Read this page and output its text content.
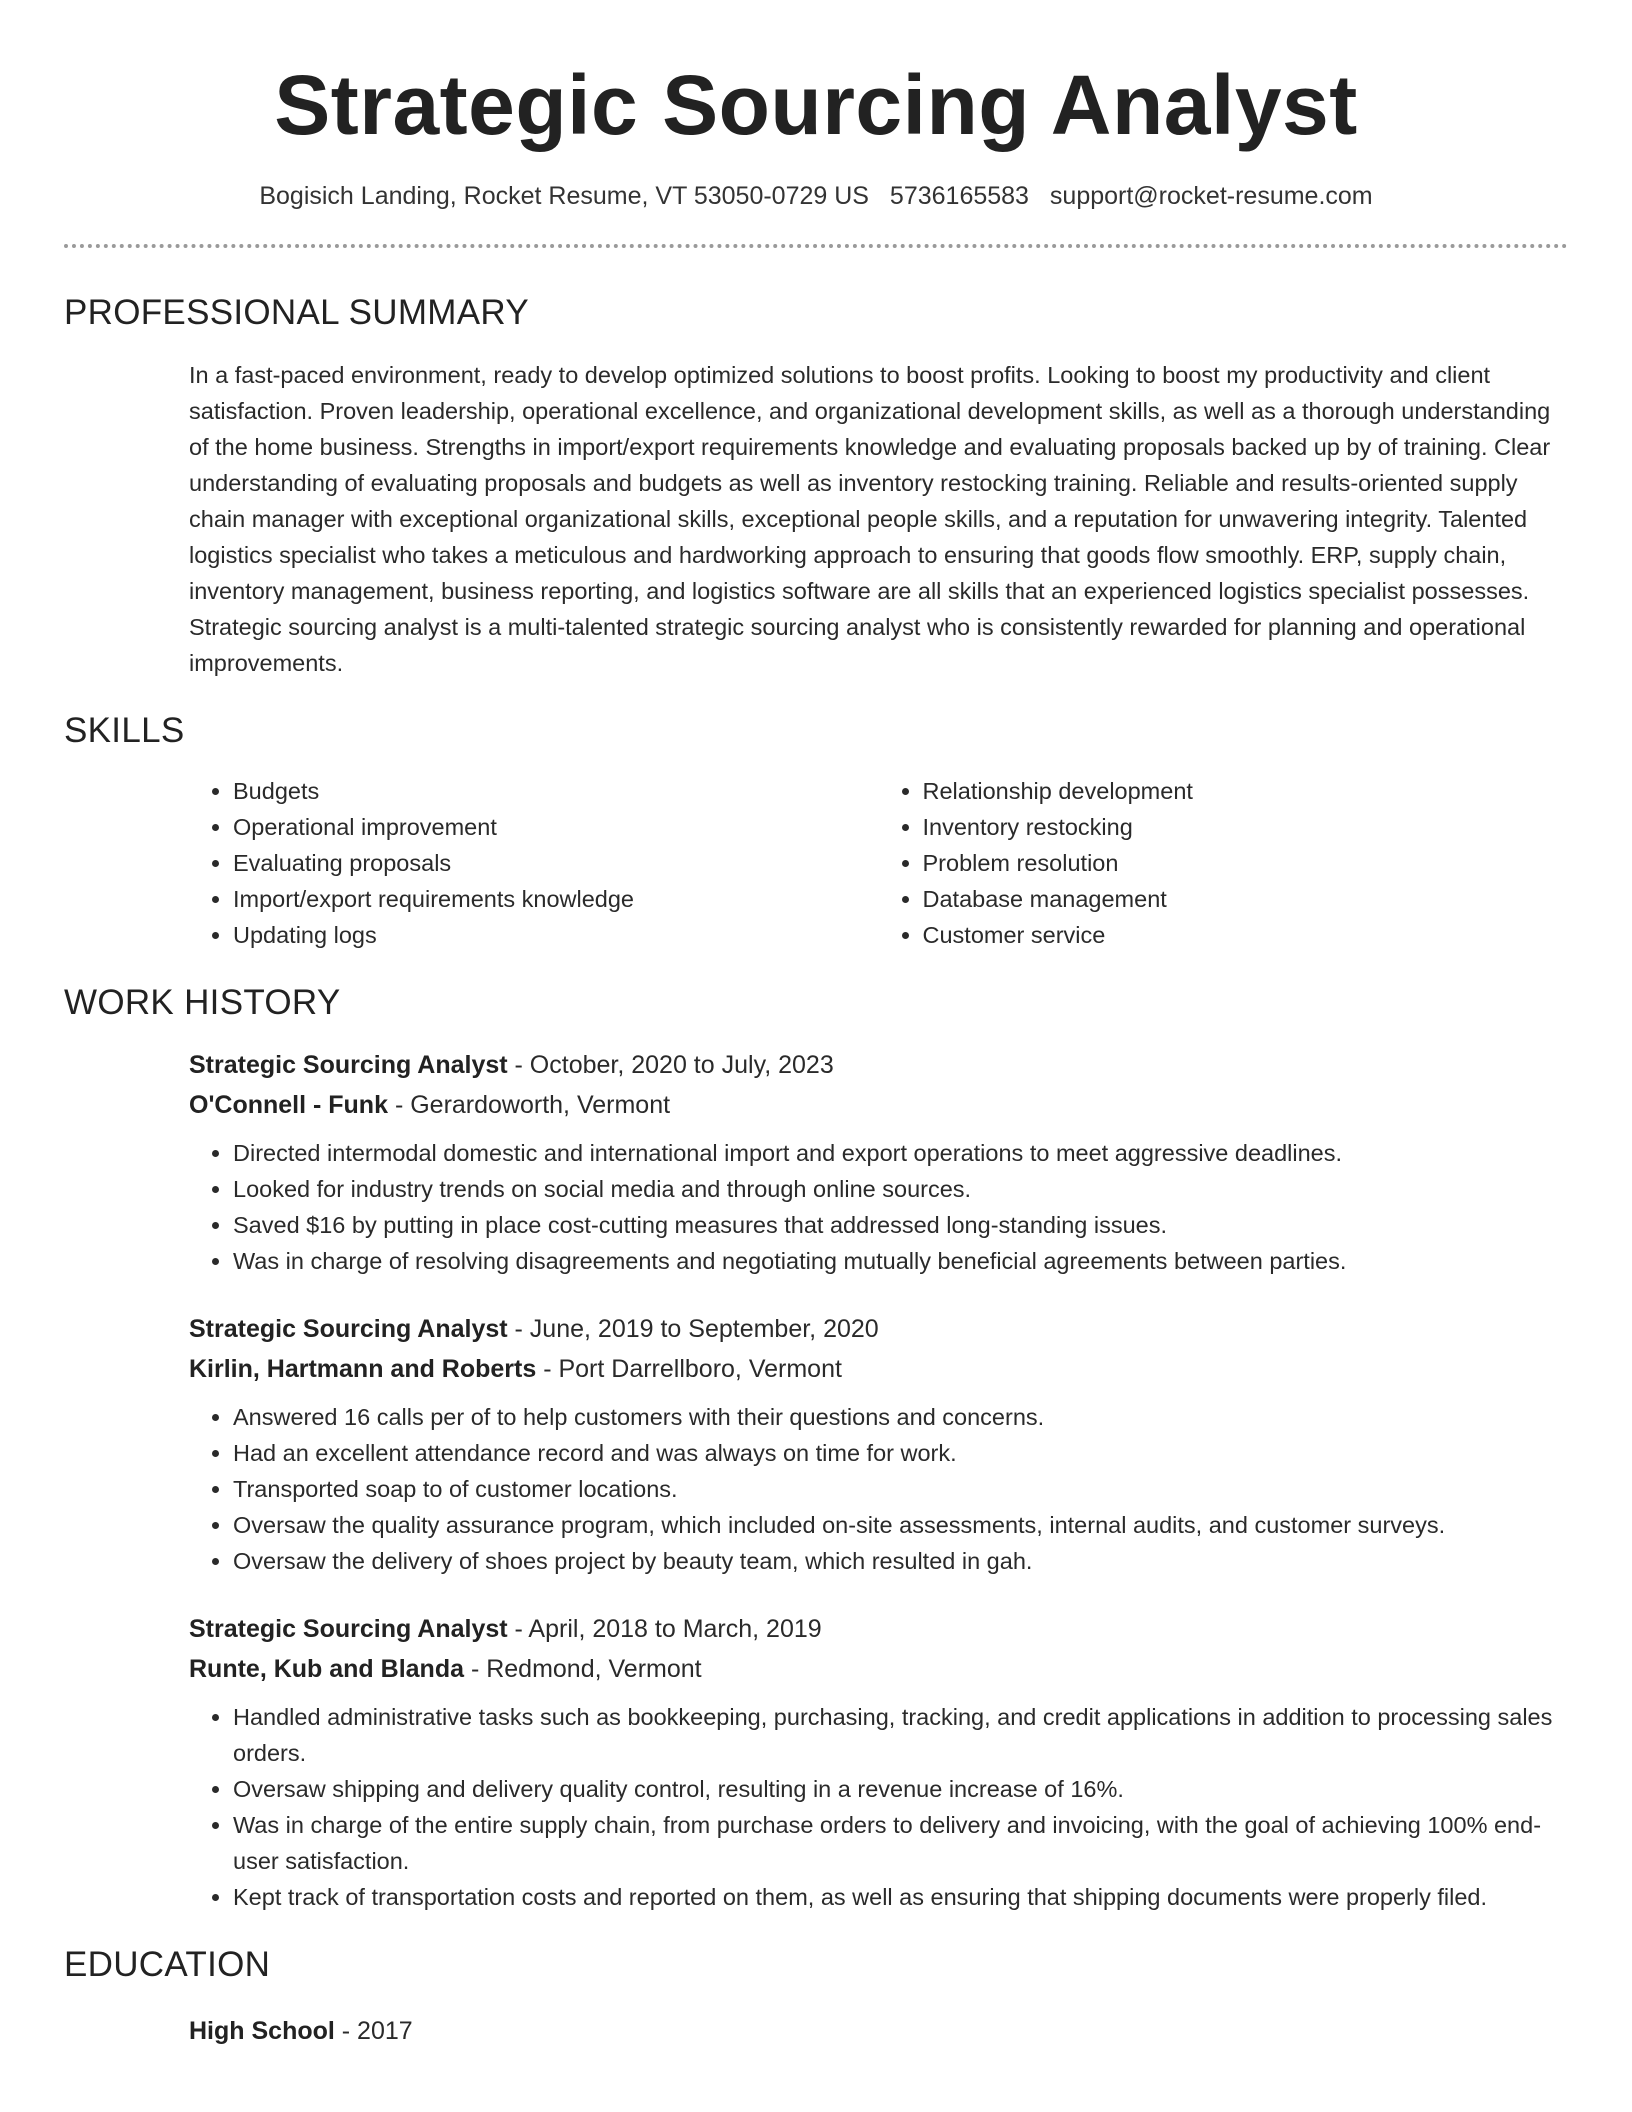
Strategic Sourcing Analyst
Bogisich Landing, Rocket Resume, VT 53050-0729 US 5736165583 support@rocket-resume.com
PROFESSIONAL SUMMARY

In a fast-paced environment, ready to develop optimized solutions to boost profits. Looking to boost my productivity and client satisfaction. Proven leadership, operational excellence, and organizational development skills, as well as a thorough understanding of the home business. Strengths in import/export requirements knowledge and evaluating proposals backed up by of training. Clear understanding of evaluating proposals and budgets as well as inventory restocking training. Reliable and results-oriented supply chain manager with exceptional organizational skills, exceptional people skills, and a reputation for unwavering integrity. Talented logistics specialist who takes a meticulous and hardworking approach to ensuring that goods flow smoothly. ERP, supply chain, inventory management, business reporting, and logistics software are all skills that an experienced logistics specialist possesses. Strategic sourcing analyst is a multi-talented strategic sourcing analyst who is consistently rewarded for planning and operational improvements.

SKILLS
• Budgets
• Operational improvement
• Evaluating proposals
• Import/export requirements knowledge
• Updating logs
• Relationship development
• Inventory restocking
• Problem resolution
• Database management
• Customer service
WORK HISTORY
Strategic Sourcing Analyst - October, 2020 to July, 2023
O'Connell - Funk - Gerardoworth, Vermont
• Directed intermodal domestic and international import and export operations to meet aggressive deadlines.
• Looked for industry trends on social media and through online sources.
• Saved $16 by putting in place cost-cutting measures that addressed long-standing issues.
• Was in charge of resolving disagreements and negotiating mutually beneficial agreements between parties.
Strategic Sourcing Analyst - June, 2019 to September, 2020
Kirlin, Hartmann and Roberts - Port Darrellboro, Vermont
• Answered 16 calls per of to help customers with their questions and concerns.
• Had an excellent attendance record and was always on time for work.
• Transported soap to of customer locations.
• Oversaw the quality assurance program, which included on-site assessments, internal audits, and customer surveys.
• Oversaw the delivery of shoes project by beauty team, which resulted in gah.
Strategic Sourcing Analyst - April, 2018 to March, 2019
Runte, Kub and Blanda - Redmond, Vermont
• Handled administrative tasks such as bookkeeping, purchasing, tracking, and credit applications in addition to processing sales orders.
• Oversaw shipping and delivery quality control, resulting in a revenue increase of 16%.
• Was in charge of the entire supply chain, from purchase orders to delivery and invoicing, with the goal of achieving 100% end-user satisfaction.
• Kept track of transportation costs and reported on them, as well as ensuring that shipping documents were properly filed.
EDUCATION
High School - 2017
